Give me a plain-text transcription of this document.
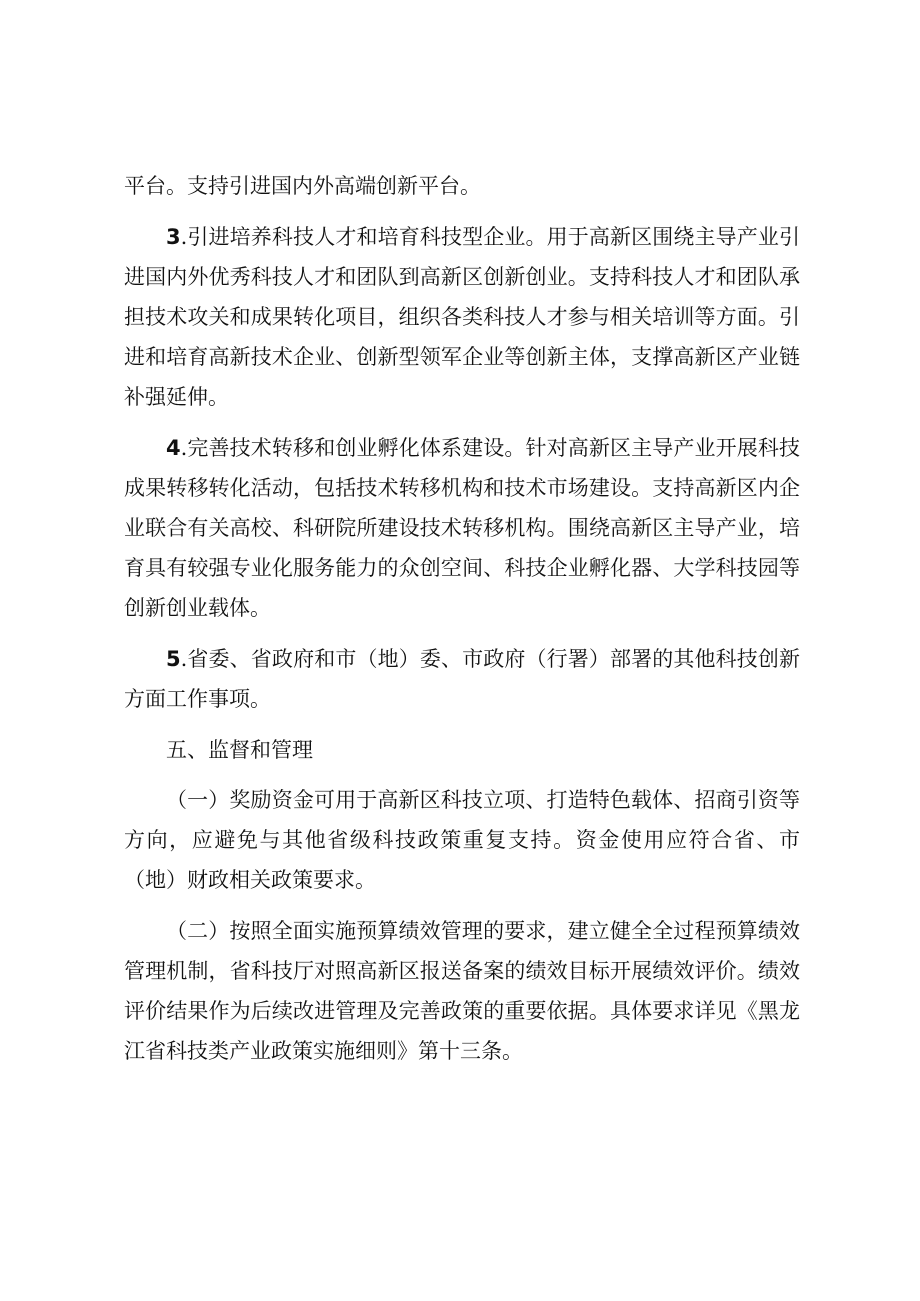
平台。支持引进国内外高端创新平台。

3.引进培养科技人才和培育科技型企业。用于高新区围绕主导产业引进国内外优秀科技人才和团队到高新区创新创业。支持科技人才和团队承担技术攻关和成果转化项目，组织各类科技人才参与相关培训等方面。引进和培育高新技术企业、创新型领军企业等创新主体，支撑高新区产业链补强延伸。

4.完善技术转移和创业孵化体系建设。针对高新区主导产业开展科技成果转移转化活动，包括技术转移机构和技术市场建设。支持高新区内企业联合有关高校、科研院所建设技术转移机构。围绕高新区主导产业，培育具有较强专业化服务能力的众创空间、科技企业孵化器、大学科技园等创新创业载体。

5.省委、省政府和市（地）委、市政府（行署）部署的其他科技创新方面工作事项。

五、监督和管理

（一）奖励资金可用于高新区科技立项、打造特色载体、招商引资等方向，应避免与其他省级科技政策重复支持。资金使用应符合省、市（地）财政相关政策要求。

（二）按照全面实施预算绩效管理的要求，建立健全全过程预算绩效管理机制，省科技厅对照高新区报送备案的绩效目标开展绩效评价。绩效评价结果作为后续改进管理及完善政策的重要依据。具体要求详见《黑龙江省科技类产业政策实施细则》第十三条。
